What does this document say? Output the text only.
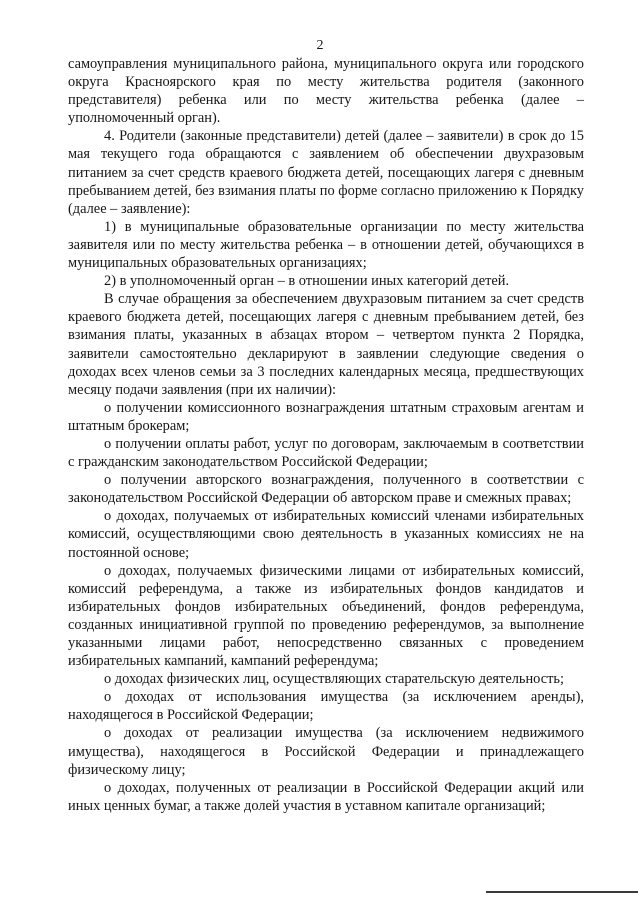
2

самоуправления муниципального района, муниципального округа или городского округа Красноярского края по месту жительства родителя (законного представителя) ребенка или по месту жительства ребенка (далее – уполномоченный орган).

4. Родители (законные представители) детей (далее – заявители) в срок до 15 мая текущего года обращаются с заявлением об обеспечении двухразовым питанием за счет средств краевого бюджета детей, посещающих лагеря с дневным пребыванием детей, без взимания платы по форме согласно приложению к Порядку (далее – заявление):

1) в муниципальные образовательные организации по месту жительства заявителя или по месту жительства ребенка – в отношении детей, обучающихся в муниципальных образовательных организациях;

2) в уполномоченный орган – в отношении иных категорий детей.

В случае обращения за обеспечением двухразовым питанием за счет средств краевого бюджета детей, посещающих лагеря с дневным пребыванием детей, без взимания платы, указанных в абзацах втором – четвертом пункта 2 Порядка, заявители самостоятельно декларируют в заявлении следующие сведения о доходах всех членов семьи за 3 последних календарных месяца, предшествующих месяцу подачи заявления (при их наличии):

о получении комиссионного вознаграждения штатным страховым агентам и штатным брокерам;

о получении оплаты работ, услуг по договорам, заключаемым в соответствии с гражданским законодательством Российской Федерации;

о получении авторского вознаграждения, полученного в соответствии с законодательством Российской Федерации об авторском праве и смежных правах;

о доходах, получаемых от избирательных комиссий членами избирательных комиссий, осуществляющими свою деятельность в указанных комиссиях не на постоянной основе;

о доходах, получаемых физическими лицами от избирательных комиссий, комиссий референдума, а также из избирательных фондов кандидатов и избирательных фондов избирательных объединений, фондов референдума, созданных инициативной группой по проведению референдумов, за выполнение указанными лицами работ, непосредственно связанных с проведением избирательных кампаний, кампаний референдума;

о доходах физических лиц, осуществляющих старательскую деятельность;

о доходах от использования имущества (за исключением аренды), находящегося в Российской Федерации;

о доходах от реализации имущества (за исключением недвижимого имущества), находящегося в Российской Федерации и принадлежащего физическому лицу;

о доходах, полученных от реализации в Российской Федерации акций или иных ценных бумаг, а также долей участия в уставном капитале организаций;
